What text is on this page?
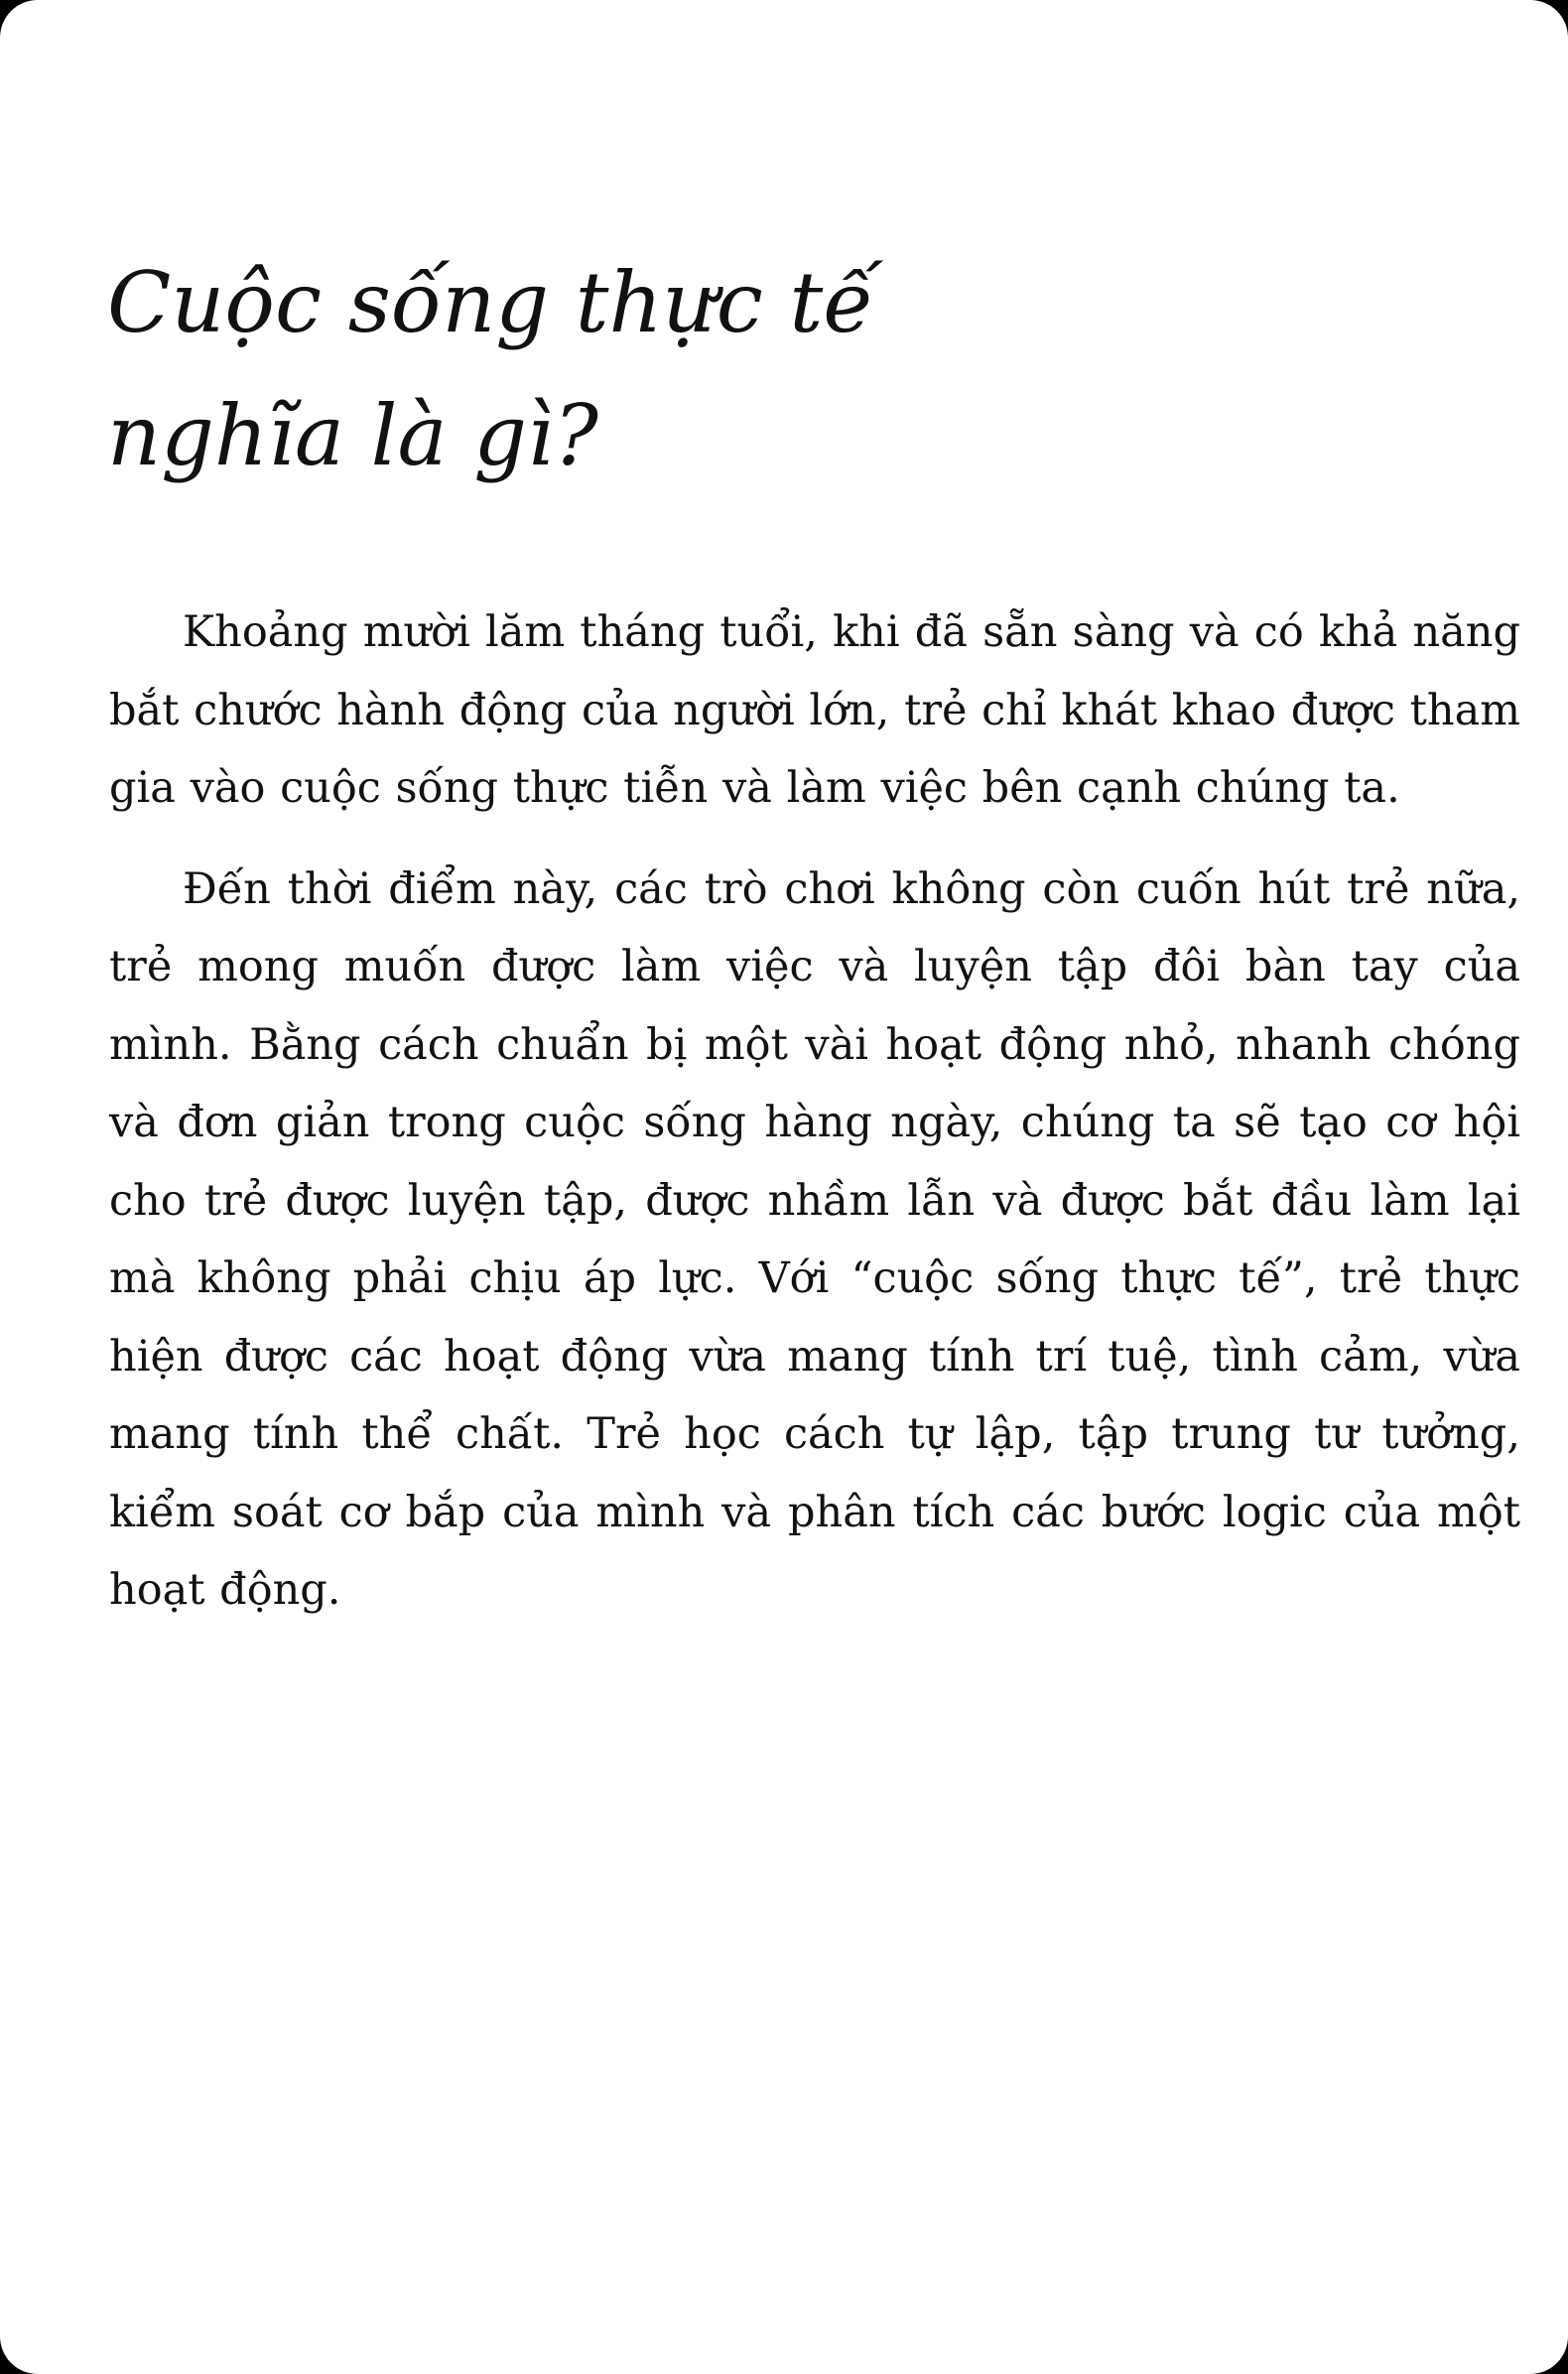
Cuộc sống thực tế
nghĩa là gì?

Khoảng mười lăm tháng tuổi, khi đã sẵn sàng và có khả năng bắt chước hành động của người lớn, trẻ chỉ khát khao được tham gia vào cuộc sống thực tiễn và làm việc bên cạnh chúng ta.

Đến thời điểm này, các trò chơi không còn cuốn hút trẻ nữa, trẻ mong muốn được làm việc và luyện tập đôi bàn tay của mình. Bằng cách chuẩn bị một vài hoạt động nhỏ, nhanh chóng và đơn giản trong cuộc sống hàng ngày, chúng ta sẽ tạo cơ hội cho trẻ được luyện tập, được nhầm lẫn và được bắt đầu làm lại mà không phải chịu áp lực. Với “cuộc sống thực tế”, trẻ thực hiện được các hoạt động vừa mang tính trí tuệ, tình cảm, vừa mang tính thể chất. Trẻ học cách tự lập, tập trung tư tưởng, kiểm soát cơ bắp của mình và phân tích các bước logic của một hoạt động.
